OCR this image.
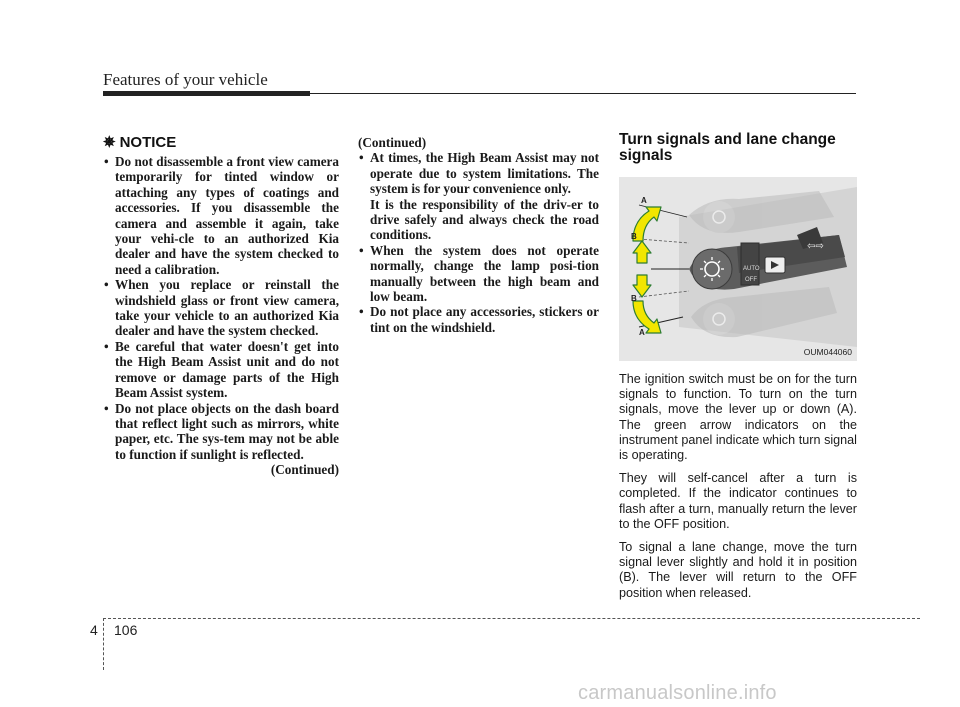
Features of your vehicle
✵ NOTICE
• Do not disassemble a front view camera temporarily for tinted window or attaching any types of coatings and accessories. If you disassemble the camera and assemble it again, take your vehi-cle to an authorized Kia dealer and have the system checked to need a calibration.
• When you replace or reinstall the windshield glass or front view camera, take your vehicle to an authorized Kia dealer and have the system checked.
• Be careful that water doesn't get into the High Beam Assist unit and do not remove or damage parts of the High Beam Assist system.
• Do not place objects on the dash board that reflect light such as mirrors, white paper, etc. The sys-tem may not be able to function if sunlight is reflected.
(Continued)
(Continued)

• At times, the High Beam Assist may not operate due to system limitations. The system is for your convenience only.

It is the responsibility of the driv-er to drive safely and always check the road conditions.

• When the system does not operate normally, change the lamp posi-tion manually between the high beam and low beam.
• Do not place any accessories, stickers or tint on the windshield.
Turn signals and lane change signals
AUTO
OFF
⇦⇨
A
B
B
A
OUM044060

The ignition switch must be on for the turn signals to function. To turn on the turn signals, move the lever up or down (A). The green arrow indicators on the instrument panel indicate which turn signal is operating.

They will self-cancel after a turn is completed. If the indicator continues to flash after a turn, manually return the lever to the OFF position.

To signal a lane change, move the turn signal lever slightly and hold it in position (B). The lever will return to the OFF position when released.

4 106
carmanualsonline.info
